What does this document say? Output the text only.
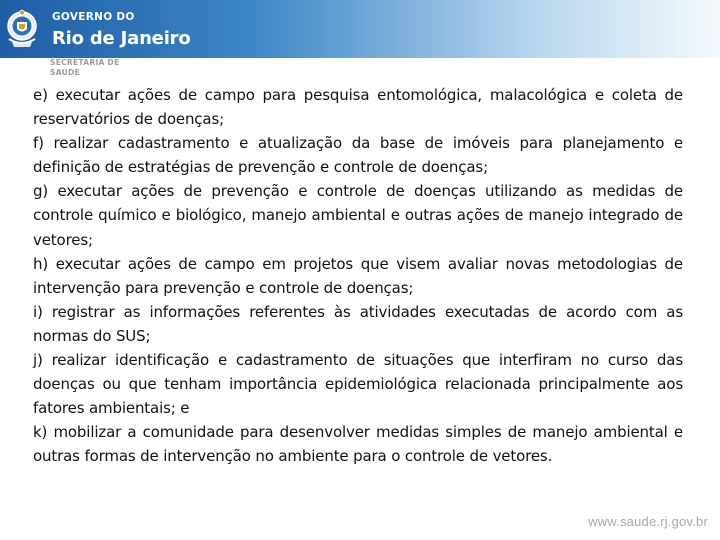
GOVERNO DO
Rio de Janeiro
SECRETARIA DE
SAÚDE

e) executar ações de campo para pesquisa entomológica, malacológica e coleta de reservatórios de doenças;

f) realizar cadastramento e atualização da base de imóveis para planejamento e definição de estratégias de prevenção e controle de doenças;

g) executar ações de prevenção e controle de doenças utilizando as medidas de controle químico e biológico, manejo ambiental e outras ações de manejo integrado de vetores;

h) executar ações de campo em projetos que visem avaliar novas metodologias de intervenção para prevenção e controle de doenças;

i) registrar as informações referentes às atividades executadas de acordo com as normas do SUS;

j) realizar identificação e cadastramento de situações que interfiram no curso das doenças ou que tenham importância epidemiológica relacionada principalmente aos fatores ambientais; e

k) mobilizar a comunidade para desenvolver medidas simples de manejo ambiental e outras formas de intervenção no ambiente para o controle de vetores.

www.saude.rj.gov.br
